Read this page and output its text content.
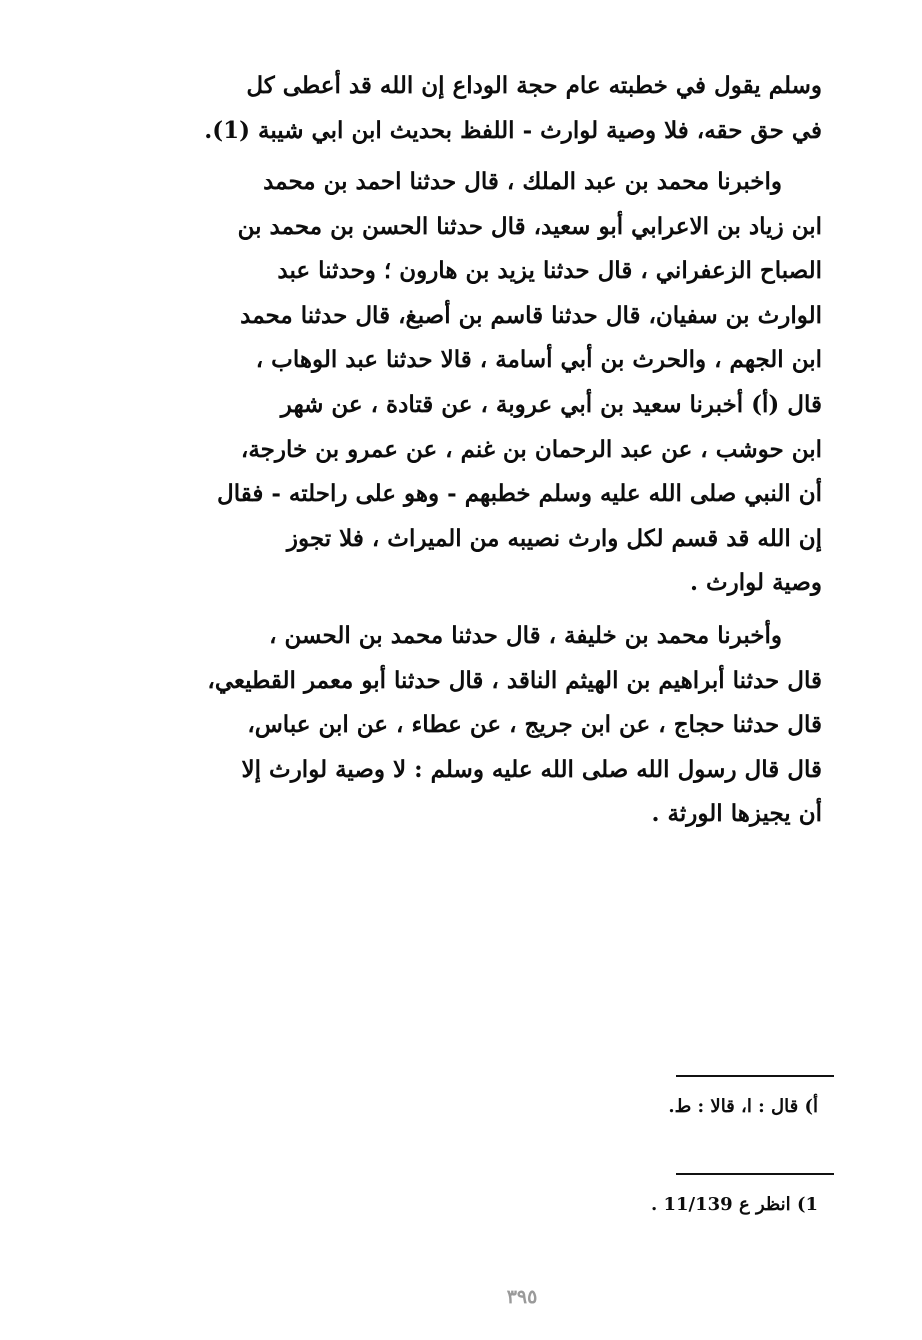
وسلم يقول في خطبته عام حجة الوداع إن الله قد أعطى كل
في حق حقه، فلا وصية لوارث - اللفظ بحديث ابن ابي شيبة (1).

واخبرنا محمد بن عبد الملك ، قال حدثنا احمد بن محمد
ابن زياد بن الاعرابي أبو سعيد، قال حدثنا الحسن بن محمد بن
الصباح الزعفراني ، قال حدثنا يزيد بن هارون ؛ وحدثنا عبد
الوارث بن سفيان، قال حدثنا قاسم بن أصبغ، قال حدثنا محمد
ابن الجهم ، والحرث بن أبي أسامة ، قالا حدثنا عبد الوهاب ،
قال (أ) أخبرنا سعيد بن أبي عروبة ، عن قتادة ، عن شهر
ابن حوشب ، عن عبد الرحمان بن غنم ، عن عمرو بن خارجة،
أن النبي صلى الله عليه وسلم خطبهم - وهو على راحلته - فقال
إن الله قد قسم لكل وارث نصيبه من الميراث ، فلا تجوز
وصية لوارث .

وأخبرنا محمد بن خليفة ، قال حدثنا محمد بن الحسن ،
قال حدثنا أبراهيم بن الهيثم الناقد ، قال حدثنا أبو معمر القطيعي،
قال حدثنا حجاج ، عن ابن جريج ، عن عطاء ، عن ابن عباس،
قال قال رسول الله صلى الله عليه وسلم : لا وصية لوارث إلا
أن يجيزها الورثة .

أ) قال : ا، قالا : ط.
1) انظر ع 11/139 .
٣٩٥
